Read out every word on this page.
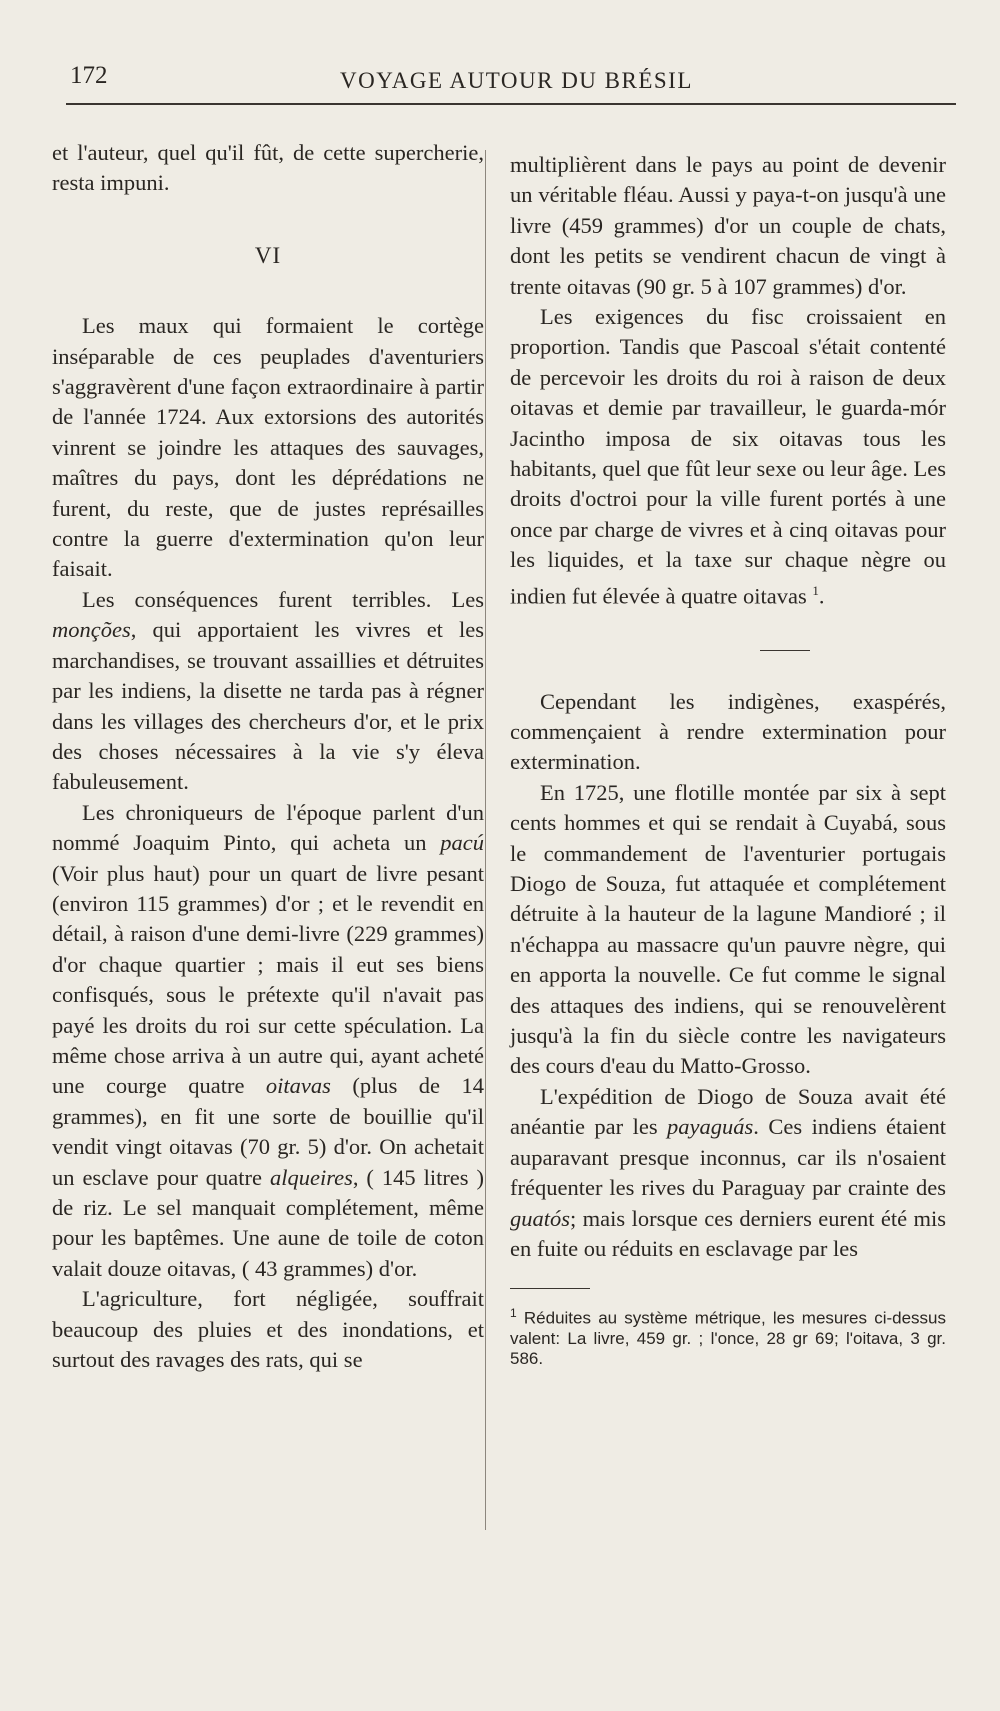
172	VOYAGE AUTOUR DU BRÉSIL

et l'auteur, quel qu'il fût, de cette supercherie, resta impuni.

VI

Les maux qui formaient le cortège inséparable de ces peuplades d'aventuriers s'aggravèrent d'une façon extraordinaire à partir de l'année 1724. Aux extorsions des autorités vinrent se joindre les attaques des sauvages, maîtres du pays, dont les déprédations ne furent, du reste, que de justes représailles contre la guerre d'extermination qu'on leur faisait.

Les conséquences furent terribles. Les monções, qui apportaient les vivres et les marchandises, se trouvant assaillies et détruites par les indiens, la disette ne tarda pas à régner dans les villages des chercheurs d'or, et le prix des choses nécessaires à la vie s'y éleva fabuleusement.

Les chroniqueurs de l'époque parlent d'un nommé Joaquim Pinto, qui acheta un pacú (Voir plus haut) pour un quart de livre pesant (environ 115 grammes) d'or ; et le revendit en détail, à raison d'une demi-livre (229 grammes) d'or chaque quartier ; mais il eut ses biens confisqués, sous le prétexte qu'il n'avait pas payé les droits du roi sur cette spéculation. La même chose arriva à un autre qui, ayant acheté une courge quatre oitavas (plus de 14 grammes), en fit une sorte de bouillie qu'il vendit vingt oitavas (70 gr. 5) d'or. On achetait un esclave pour quatre alqueires, ( 145 litres ) de riz. Le sel manquait complétement, même pour les baptêmes. Une aune de toile de coton valait douze oitavas, ( 43 grammes) d'or.

L'agriculture, fort négligée, souffrait beaucoup des pluies et des inondations, et surtout des ravages des rats, qui se

multiplièrent dans le pays au point de devenir un véritable fléau. Aussi y paya-t-on jusqu'à une livre (459 grammes) d'or un couple de chats, dont les petits se vendirent chacun de vingt à trente oitavas (90 gr. 5 à 107 grammes) d'or.

Les exigences du fisc croissaient en proportion. Tandis que Pascoal s'était contenté de percevoir les droits du roi à raison de deux oitavas et demie par travailleur, le guarda-mór Jacintho imposa de six oitavas tous les habitants, quel que fût leur sexe ou leur âge. Les droits d'octroi pour la ville furent portés à une once par charge de vivres et à cinq oitavas pour les liquides, et la taxe sur chaque nègre ou indien fut élevée à quatre oitavas $^1$.

Cependant les indigènes, exaspérés, commençaient à rendre extermination pour extermination.

En 1725, une flotille montée par six à sept cents hommes et qui se rendait à Cuyabá, sous le commandement de l'aventurier portugais Diogo de Souza, fut attaquée et complétement détruite à la hauteur de la lagune Mandioré ; il n'échappa au massacre qu'un pauvre nègre, qui en apporta la nouvelle. Ce fut comme le signal des attaques des indiens, qui se renouvelèrent jusqu'à la fin du siècle contre les navigateurs des cours d'eau du Matto-Grosso.

L'expédition de Diogo de Souza avait été anéantie par les payaguás. Ces indiens étaient auparavant presque inconnus, car ils n'osaient fréquenter les rives du Paraguay par crainte des guatós; mais lorsque ces derniers eurent été mis en fuite ou réduits en esclavage par les

$^1$ Réduites au système métrique, les mesures ci-dessus valent: La livre, 459 gr. ; l'once, 28 gr 69; l'oitava, 3 gr. 586.
